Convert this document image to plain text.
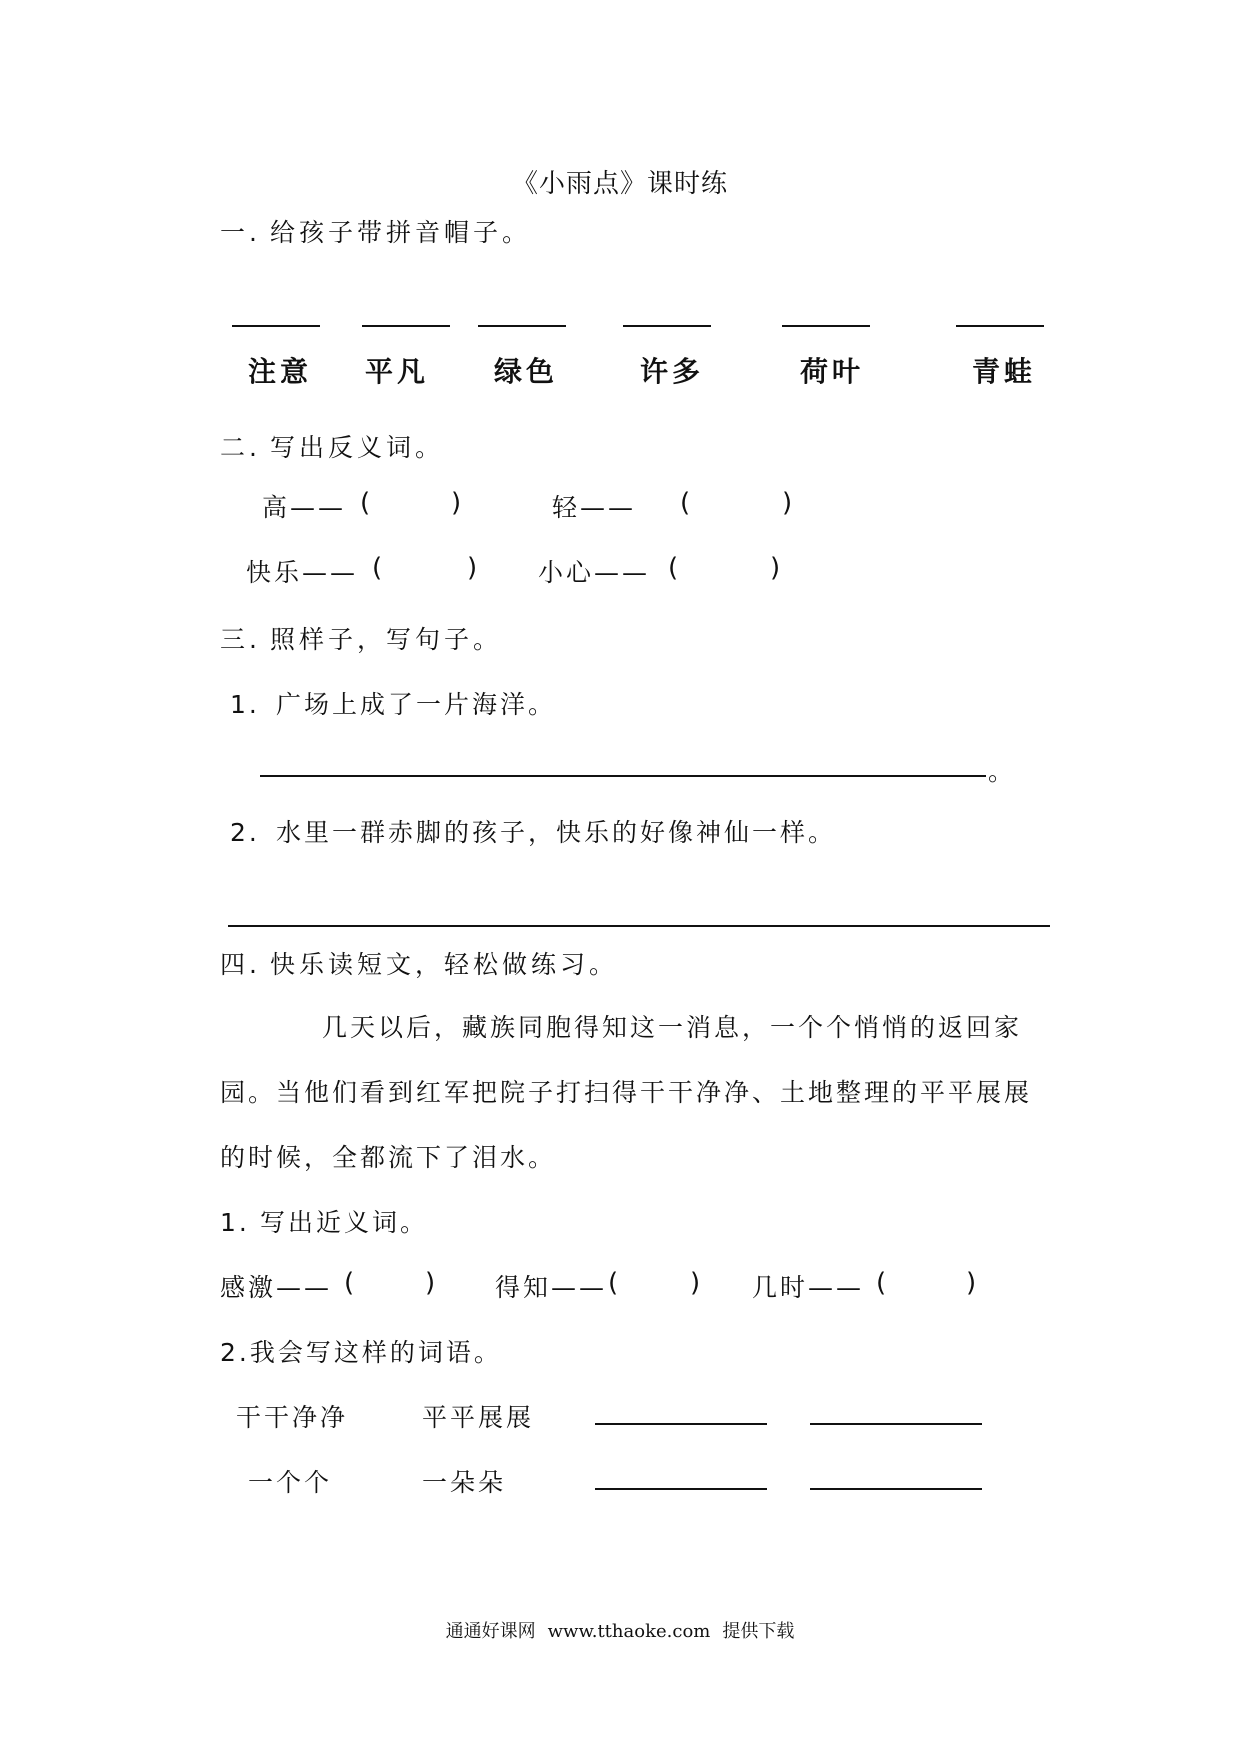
《小雨点》课时练
一. 给孩子带拼音帽子。
注意 平凡 绿色	许多	荷叶	青蛙
二. 写出反义词。
高—— (	)	轻—— (	)
快乐—— (	) 小心—— (	)
三. 照样子，写句子。
1. 广场上成了一片海洋。
。
2. 水里一群赤脚的孩子，快乐的好像神仙一样。
四. 快乐读短文，轻松做练习。
几天以后，藏族同胞得知这一消息，一个个悄悄的返回家
园。当他们看到红军把院子打扫得干干净净、土地整理的平平展展
的时候，全都流下了泪水。
1. 写出近义词。
感激—— (	) 得知—— (	) 几时—— (	)
2.我会写这样的词语。
干干净净	平平展展
一个个	一朵朵
通通好课网 www.tthaoke.com 提供下载
